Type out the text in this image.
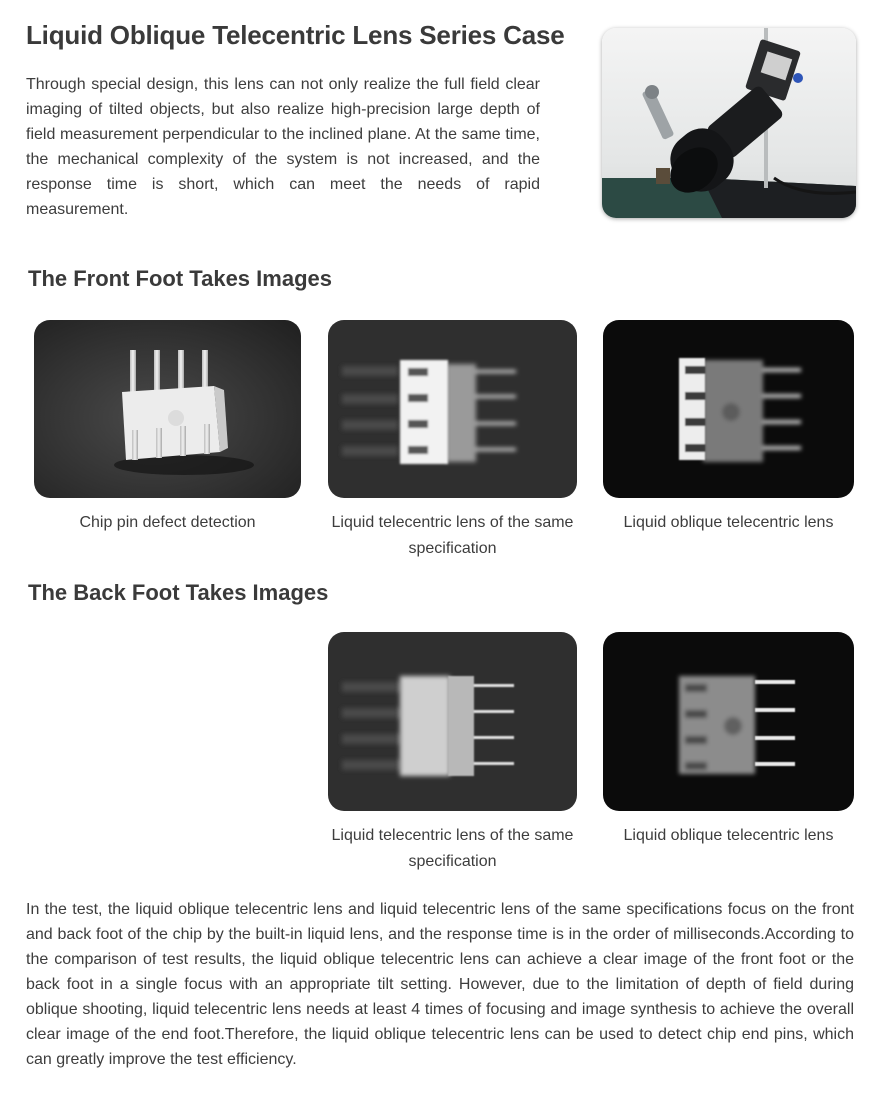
Liquid Oblique Telecentric Lens Series Case

Through special design, this lens can not only realize the full field clear imaging of tilted objects, but also realize high-precision large depth of field measurement perpendicular to the inclined plane. At the same time, the mechanical complexity of the system is not increased, and the response time is short, which can meet the needs of rapid measurement.

The Front Foot Takes Images
Chip pin defect detection	Liquid telecentric lens of the same specification
Liquid oblique telecentric lens
The Back Foot Takes Images
Liquid telecentric lens of the same specification
Liquid oblique telecentric lens

In the test, the liquid oblique telecentric lens and liquid telecentric lens of the same specifications focus on the front and back foot of the chip by the built-in liquid lens, and the response time is in the order of milliseconds.According to the comparison of test results, the liquid oblique telecentric lens can achieve a clear image of the front foot or the back foot in a single focus with an appropriate tilt setting. However, due to the limitation of depth of field during oblique shooting, liquid telecentric lens needs at least 4 times of focusing and image synthesis to achieve the overall clear image of the end foot.Therefore, the liquid oblique telecentric lens can be used to detect chip end pins, which can greatly improve the test efficiency.
